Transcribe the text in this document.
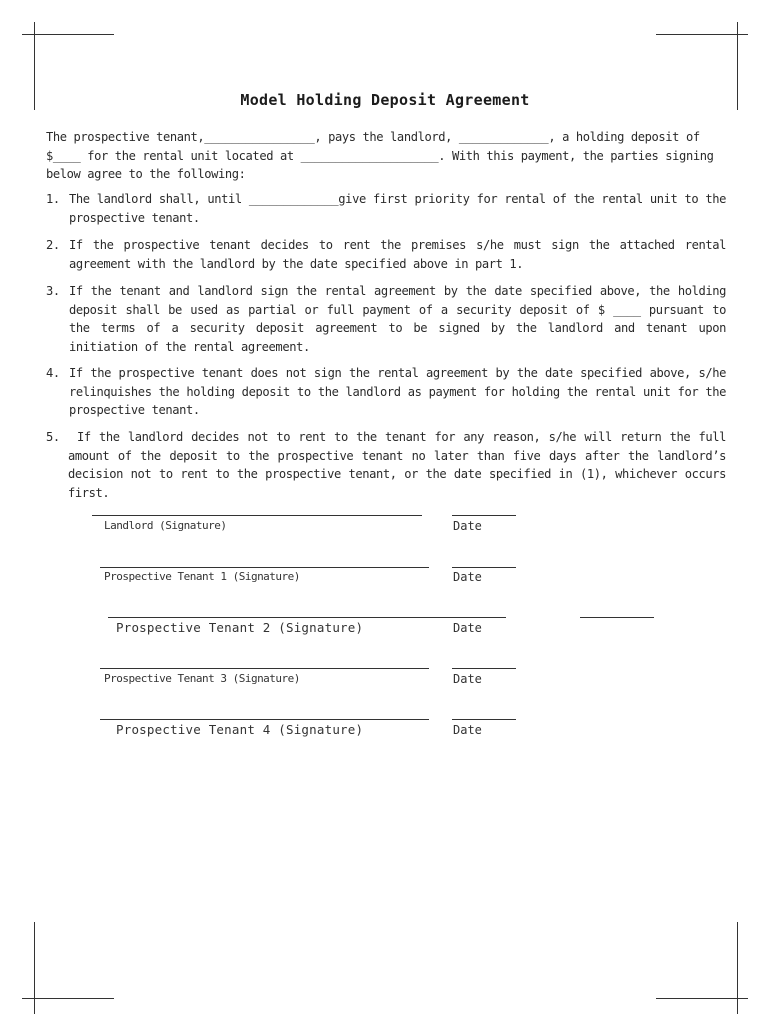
Model Holding Deposit Agreement

The prospective tenant,________________, pays the landlord, _____________, a holding deposit of $____ for the rental unit located at ____________________. With this payment, the parties signing below agree to the following:

1. The landlord shall, until _____________give first priority for rental of the rental unit to the prospective tenant.
2. If the prospective tenant decides to rent the premises s/he must sign the attached rental agreement with the landlord by the date specified above in part 1.
3. If the tenant and landlord sign the rental agreement by the date specified above, the holding deposit shall be used as partial or full payment of a security deposit of $ ____ pursuant to the terms of a security deposit agreement to be signed by the landlord and tenant upon initiation of the rental agreement.
4. If the prospective tenant does not sign the rental agreement by the date specified above, s/he relinquishes the holding deposit to the landlord as payment for holding the rental unit for the prospective tenant.
5.	If the landlord decides not to rent to the tenant for any reason, s/he will return the full amount of the deposit to the prospective tenant no later than five days after the landlord’s decision not to rent to the prospective tenant, or the date specified in (1), whichever occurs first.
Landlord (Signature)	Date
Prospective Tenant 1 (Signature)	Date
Prospective Tenant 2 (Signature)	Date
Prospective Tenant 3 (Signature)	Date
Prospective Tenant 4 (Signature)	Date
